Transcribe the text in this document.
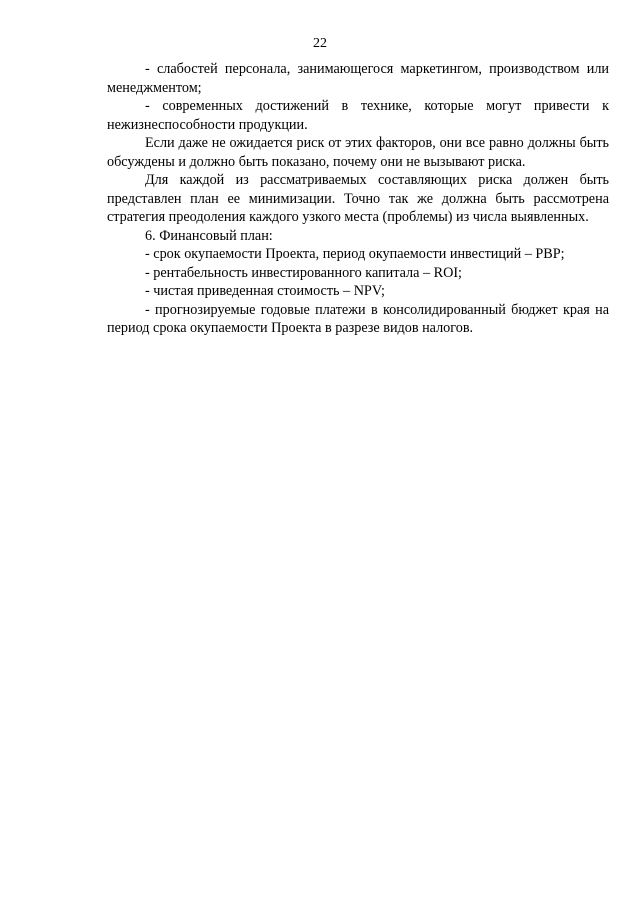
22

- слабостей персонала, занимающегося маркетингом, производством или менеджментом;

- современных достижений в технике, которые могут привести к нежизнеспособности продукции.

Если даже не ожидается риск от этих факторов, они все равно должны быть обсуждены и должно быть показано, почему они не вызывают риска.

Для каждой из рассматриваемых составляющих риска должен быть представлен план ее минимизации. Точно так же должна быть рассмотрена стратегия преодоления каждого узкого места (проблемы) из числа выявленных.

6. Финансовый план:

- срок окупаемости Проекта, период окупаемости инвестиций – PBP;

- рентабельность инвестированного капитала – ROI;

- чистая приведенная стоимость – NPV;

- прогнозируемые годовые платежи в консолидированный бюджет края на период срока окупаемости Проекта в разрезе видов налогов.
